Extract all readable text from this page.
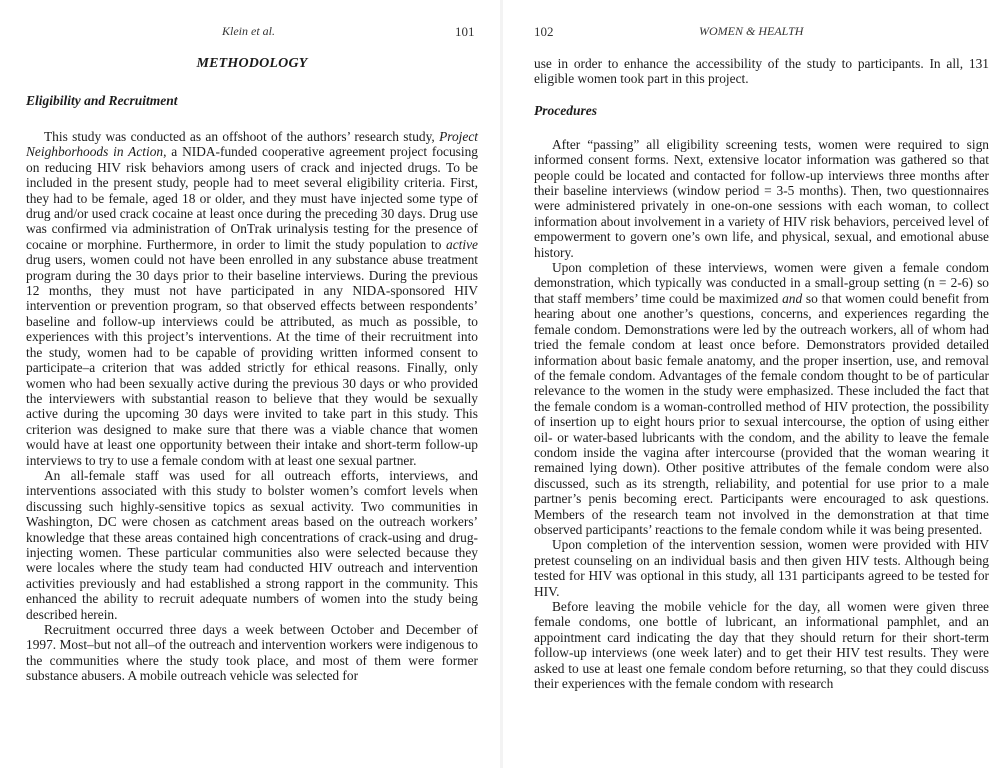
Klein et al.	101
METHODOLOGY
Eligibility and Recruitment

This study was conducted as an offshoot of the authors’ research study, Project Neighborhoods in Action, a NIDA-funded cooperative agreement project focusing on reducing HIV risk behaviors among users of crack and injected drugs. To be included in the present study, people had to meet several eligibility criteria. First, they had to be female, aged 18 or older, and they must have injected some type of drug and/or used crack cocaine at least once during the preceding 30 days. Drug use was confirmed via administration of OnTrak urinalysis testing for the presence of cocaine or morphine. Furthermore, in order to limit the study population to active drug users, women could not have been enrolled in any substance abuse treatment program during the 30 days prior to their baseline interviews. During the previous 12 months, they must not have participated in any NIDA-sponsored HIV intervention or prevention program, so that observed effects between respondents’ baseline and follow-up interviews could be attributed, as much as possible, to experiences with this project’s interventions. At the time of their recruitment into the study, women had to be capable of providing written informed consent to participate–a criterion that was added strictly for ethical reasons. Finally, only women who had been sexually active during the previous 30 days or who provided the interviewers with substantial reason to believe that they would be sexually active during the upcoming 30 days were invited to take part in this study. This criterion was designed to make sure that there was a viable chance that women would have at least one opportunity between their intake and short-term follow-up interviews to try to use a female condom with at least one sexual partner.

An all-female staff was used for all outreach efforts, interviews, and interventions associated with this study to bolster women’s comfort levels when discussing such highly-sensitive topics as sexual activity. Two communities in Washington, DC were chosen as catchment areas based on the outreach workers’ knowledge that these areas contained high concentrations of crack-using and drug-injecting women. These particular communities also were selected because they were locales where the study team had conducted HIV outreach and intervention activities previously and had established a strong rapport in the community. This enhanced the ability to recruit adequate numbers of women into the study being described herein.

Recruitment occurred three days a week between October and December of 1997. Most–but not all–of the outreach and intervention workers were indigenous to the communities where the study took place, and most of them were former substance abusers. A mobile outreach vehicle was selected for

102	WOMEN & HEALTH

use in order to enhance the accessibility of the study to participants. In all, 131 eligible women took part in this project.

Procedures

After “passing” all eligibility screening tests, women were required to sign informed consent forms. Next, extensive locator information was gathered so that people could be located and contacted for follow-up interviews three months after their baseline interviews (window period = 3-5 months). Then, two questionnaires were administered privately in one-on-one sessions with each woman, to collect information about involvement in a variety of HIV risk behaviors, perceived level of empowerment to govern one’s own life, and physical, sexual, and emotional abuse history.

Upon completion of these interviews, women were given a female condom demonstration, which typically was conducted in a small-group setting (n = 2-6) so that staff members’ time could be maximized and so that women could benefit from hearing about one another’s questions, concerns, and experiences regarding the female condom. Demonstrations were led by the outreach workers, all of whom had tried the female condom at least once before. Demonstrators provided detailed information about basic female anatomy, and the proper insertion, use, and removal of the female condom. Advantages of the female condom thought to be of particular relevance to the women in the study were emphasized. These included the fact that the female condom is a woman-controlled method of HIV protection, the possibility of insertion up to eight hours prior to sexual intercourse, the option of using either oil- or water-based lubricants with the condom, and the ability to leave the female condom inside the vagina after intercourse (provided that the woman wearing it remained lying down). Other positive attributes of the female condom were also discussed, such as its strength, reliability, and potential for use prior to a male partner’s penis becoming erect. Participants were encouraged to ask questions. Members of the research team not involved in the demonstration at that time observed participants’ reactions to the female condom while it was being presented.

Upon completion of the intervention session, women were provided with HIV pretest counseling on an individual basis and then given HIV tests. Although being tested for HIV was optional in this study, all 131 participants agreed to be tested for HIV.

Before leaving the mobile vehicle for the day, all women were given three female condoms, one bottle of lubricant, an informational pamphlet, and an appointment card indicating the day that they should return for their short-term follow-up interviews (one week later) and to get their HIV test results. They were asked to use at least one female condom before returning, so that they could discuss their experiences with the female condom with research
